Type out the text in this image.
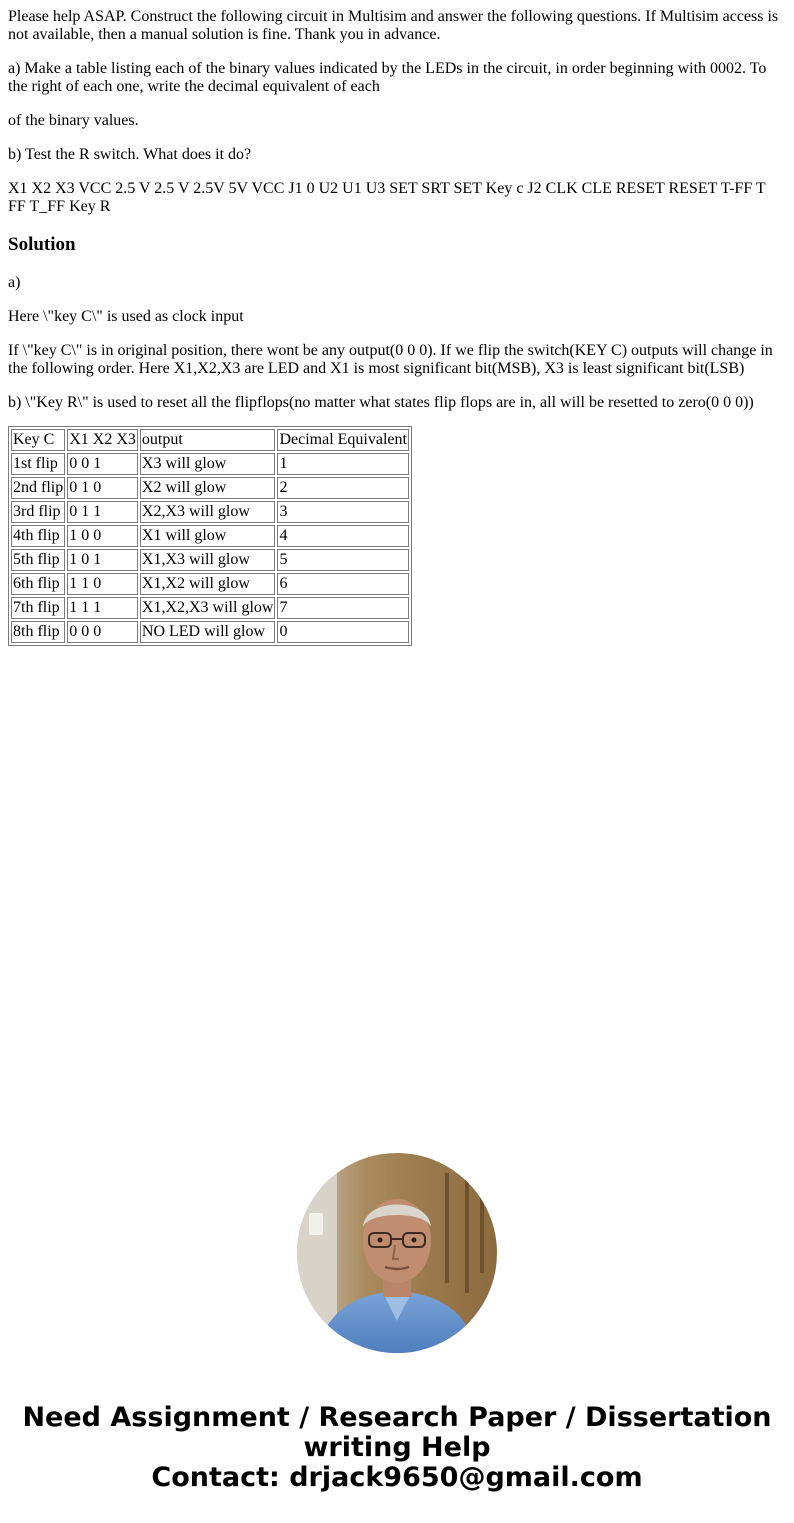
Please help ASAP. Construct the following circuit in Multisim and answer the following questions. If Multisim access is not available, then a manual solution is fine. Thank you in advance.

a) Make a table listing each of the binary values indicated by the LEDs in the circuit, in order beginning with 0002. To the right of each one, write the decimal equivalent of each

of the binary values.

b) Test the R switch. What does it do?

X1 X2 X3 VCC 2.5 V 2.5 V 2.5V 5V VCC J1 0 U2 U1 U3 SET SRT SET Key c J2 CLK CLE RESET RESET T-FF T FF T_FF Key R

Solution

a)

Here \"key C\" is used as clock input

If \"key C\" is in original position, there wont be any output(0 0 0). If we flip the switch(KEY C) outputs will change in the following order. Here X1,X2,X3 are LED and X1 is most significant bit(MSB), X3 is least significant bit(LSB)

b) \"Key R\" is used to reset all the flipflops(no matter what states flip flops are in, all will be resetted to zero(0 0 0))

Key C	X1 X2 X3	output	Decimal Equivalent
1st flip	0 0 1	X3 will glow	1
2nd flip	0 1 0	X2 will glow	2
3rd flip	0 1 1	X2,X3 will glow	3
4th flip	1 0 0	X1 will glow	4
5th flip	1 0 1	X1,X3 will glow	5
6th flip	1 1 0	X1,X2 will glow	6
7th flip	1 1 1	X1,X2,X3 will glow	7
8th flip	0 0 0	NO LED will glow	0
Need Assignment / Research Paper / Dissertation
writing Help
Contact: drjack9650@gmail.com
